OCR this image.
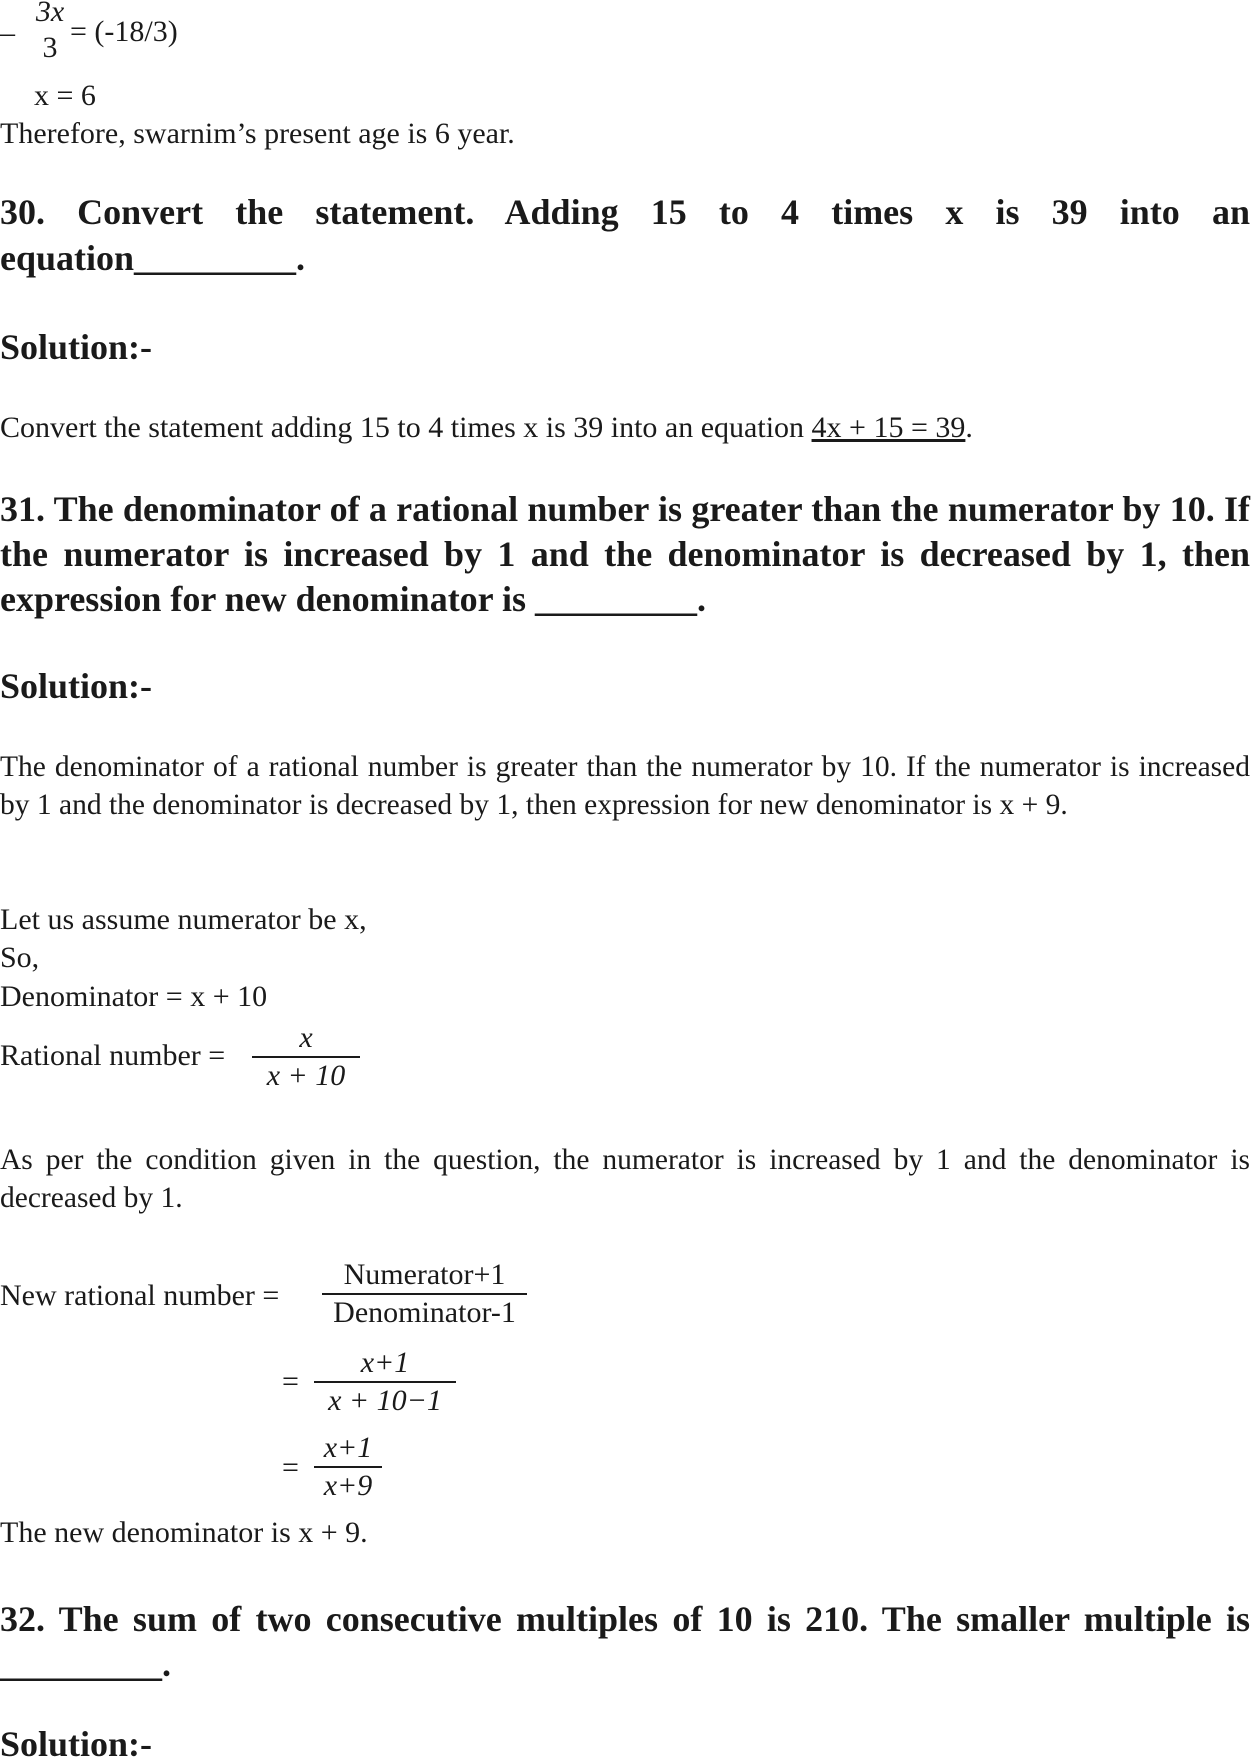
–
3x
3 = (-18/3)
x = 6
Therefore, swarnim’s present age is 6 year.
30. Convert the statement. Adding 15 to 4 times x is 39 into an
equation_________.
Solution:-
Convert the statement adding 15 to 4 times x is 39 into an equation 4x + 15 = 39.
31. The denominator of a rational number is greater than the numerator by 10. If the numerator is increased by 1 and the denominator is decreased by 1, then expression for new denominator is _________.
Solution:-
The denominator of a rational number is greater than the numerator by 10. If the numerator is increased by 1 and the denominator is decreased by 1, then expression for new denominator is x + 9.
Let us assume numerator be x,
So,
Denominator = x + 10
Rational number =
x
x + 10
As per the condition given in the question, the numerator is increased by 1 and the denominator is decreased by 1.
New rational number =
Numerator+1
Denominator-1
=
x+1
x + 10−1
=
x+1
x+9
The new denominator is x + 9.
32. The sum of two consecutive multiples of 10 is 210. The smaller multiple is _________.
Solution:-
